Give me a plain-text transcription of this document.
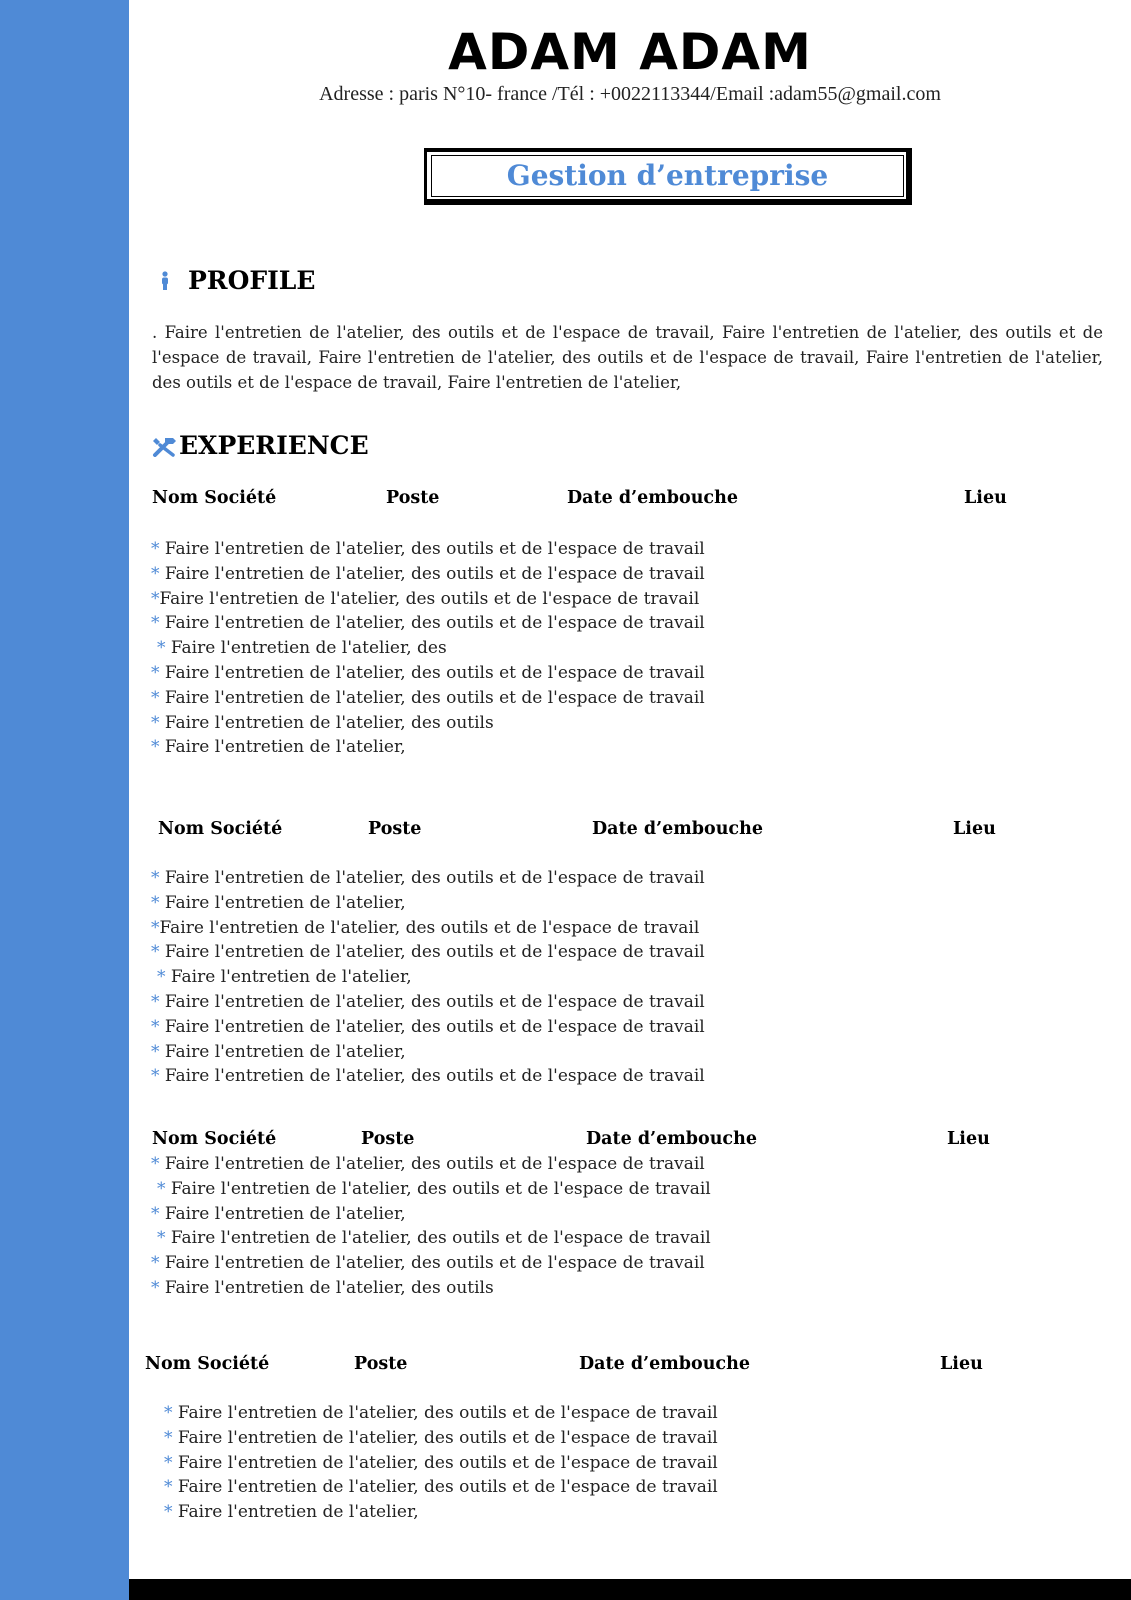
ADAM ADAM
Adresse : paris N°10- france /Tél : +0022113344/Email :adam55@gmail.com
Gestion d’entreprise
PROFILE

. Faire l'entretien de l'atelier, des outils et de l'espace de travail, Faire l'entretien de l'atelier, des outils et de l'espace de travail, Faire l'entretien de l'atelier, des outils et de l'espace de travail, Faire l'entretien de l'atelier, des outils et de l'espace de travail, Faire l'entretien de l'atelier,

EXPERIENCE
Nom Société	Poste	Date d’embouche	Lieu
* Faire l'entretien de l'atelier, des outils et de l'espace de travail
* Faire l'entretien de l'atelier, des outils et de l'espace de travail
*Faire l'entretien de l'atelier, des outils et de l'espace de travail
* Faire l'entretien de l'atelier, des outils et de l'espace de travail
* Faire l'entretien de l'atelier, des
* Faire l'entretien de l'atelier, des outils et de l'espace de travail
* Faire l'entretien de l'atelier, des outils et de l'espace de travail
* Faire l'entretien de l'atelier, des outils
* Faire l'entretien de l'atelier,
Nom Société	Poste	Date d’embouche	Lieu
* Faire l'entretien de l'atelier, des outils et de l'espace de travail
* Faire l'entretien de l'atelier,
*Faire l'entretien de l'atelier, des outils et de l'espace de travail
* Faire l'entretien de l'atelier, des outils et de l'espace de travail
* Faire l'entretien de l'atelier,
* Faire l'entretien de l'atelier, des outils et de l'espace de travail
* Faire l'entretien de l'atelier, des outils et de l'espace de travail
* Faire l'entretien de l'atelier,
* Faire l'entretien de l'atelier, des outils et de l'espace de travail
Nom Société	Poste	Date d’embouche	Lieu
* Faire l'entretien de l'atelier, des outils et de l'espace de travail
* Faire l'entretien de l'atelier, des outils et de l'espace de travail
* Faire l'entretien de l'atelier,
* Faire l'entretien de l'atelier, des outils et de l'espace de travail
* Faire l'entretien de l'atelier, des outils et de l'espace de travail
* Faire l'entretien de l'atelier, des outils
Nom Société	Poste	Date d’embouche	Lieu
* Faire l'entretien de l'atelier, des outils et de l'espace de travail
* Faire l'entretien de l'atelier, des outils et de l'espace de travail
* Faire l'entretien de l'atelier, des outils et de l'espace de travail
* Faire l'entretien de l'atelier, des outils et de l'espace de travail
* Faire l'entretien de l'atelier,
